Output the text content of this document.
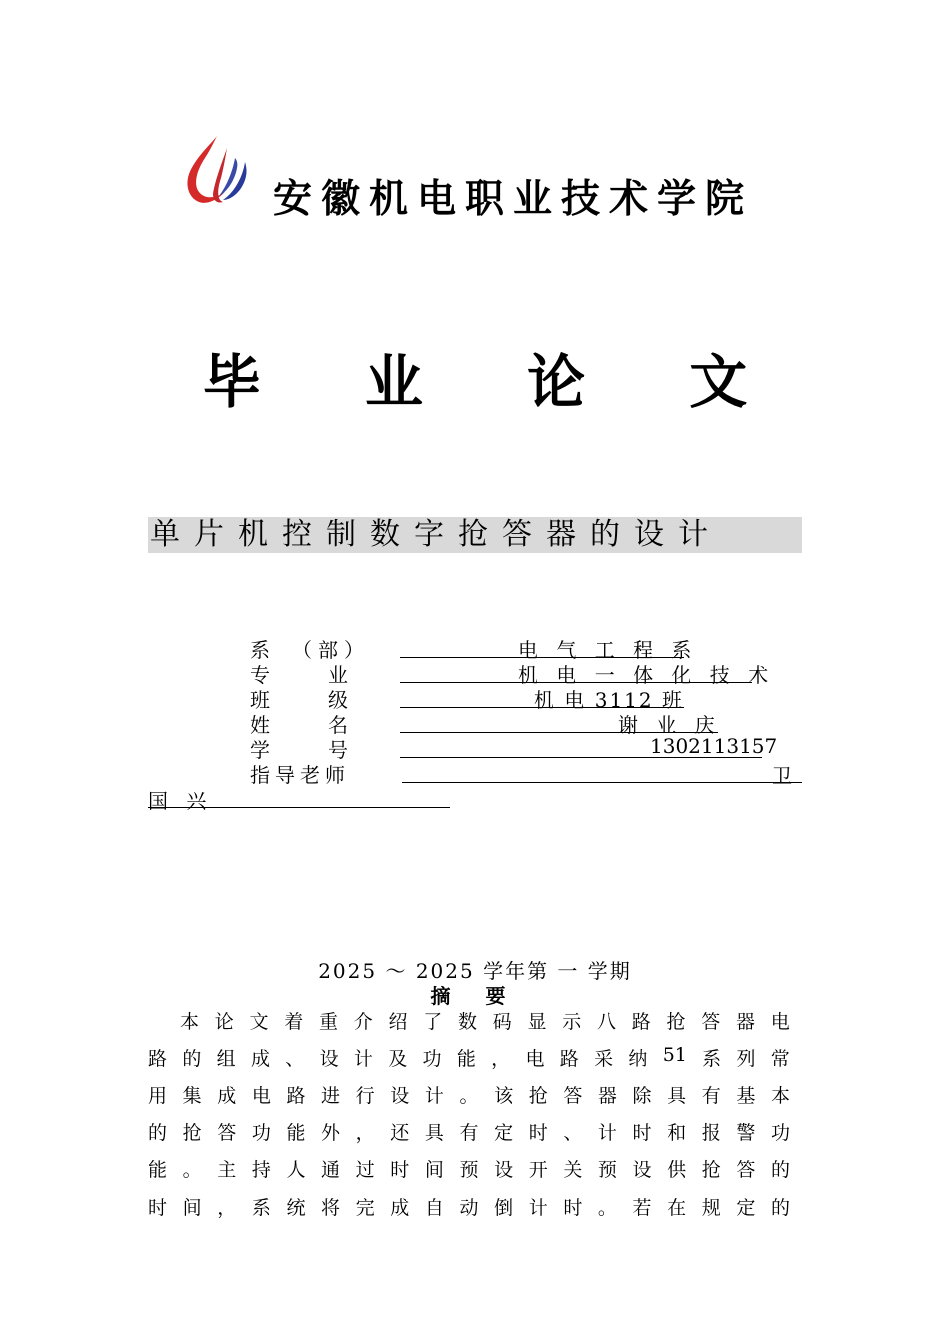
安徽机电职业技术学院
毕 业 论 文
单片机控制数字抢答器的设计
系　（部）	电 气 工 程 系
专　　业	机 电 一 体 化 技 术
班　　级	机 电 3112 班
姓　　名	谢 业 庆
学　　号	1302113157
指导老师	卫
国 兴
2025 ～ 2025 学年第 一 学期
摘 要
本 论 文 着 重 介 绍 了 数 码 显 示 八 路 抢 答 器 电
路 的 组 成 、 设 计 及 功 能 ， 电 路 采 纳 51 系 列 常
用 集 成 电 路 进 行 设 计 。 该 抢 答 器 除 具 有 基 本
的 抢 答 功 能 外 ， 还 具 有 定 时 、 计 时 和 报 警 功
能 。 主 持 人 通 过 时 间 预 设 开 关 预 设 供 抢 答 的
时 间 ， 系 统 将 完 成 自 动 倒 计 时 。 若 在 规 定 的
